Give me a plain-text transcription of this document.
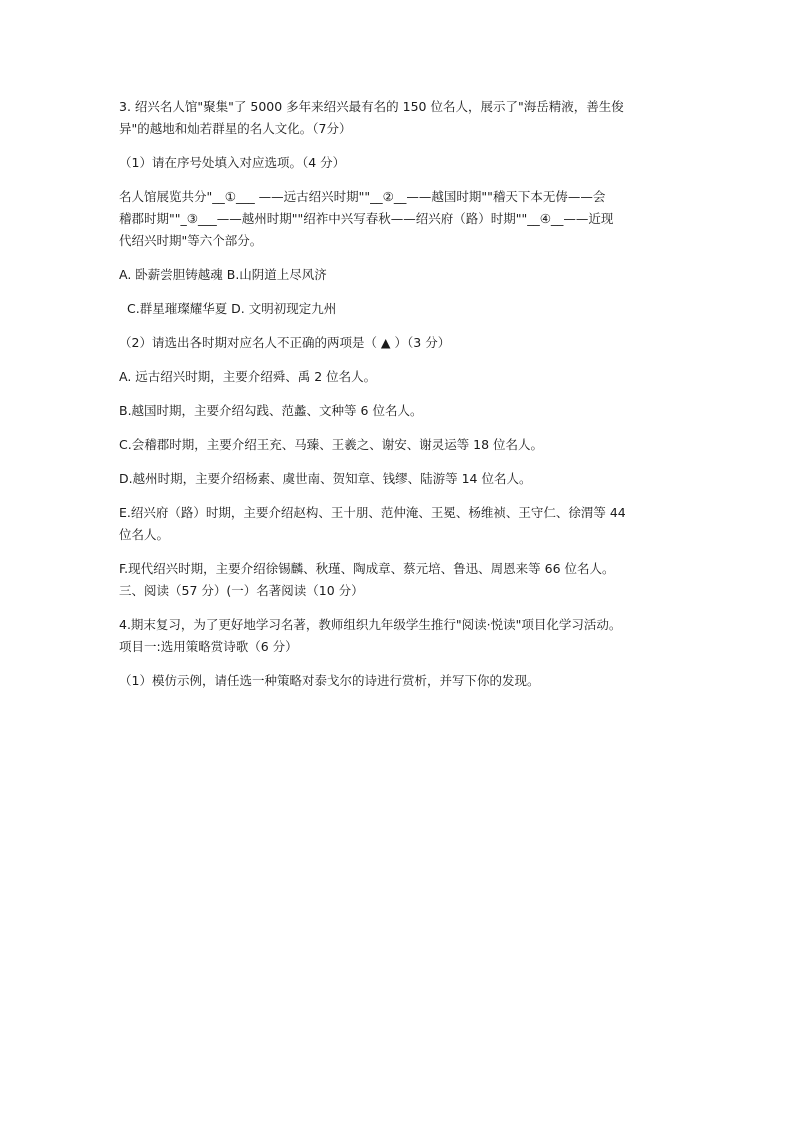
3. 绍兴名人馆"聚集"了 5000 多年来绍兴最有名的 150 位名人，展示了"海岳精液，善生俊

异"的越地和灿若群星的名人文化。（7分）

（1）请在序号处填入对应选项。（4 分）

名人馆展览共分"__①___ ——远古绍兴时期""__②__——越国时期""稽天下本无俦——会

稽郡时期""_③___——越州时期""绍祚中兴写春秋——绍兴府（路）时期""__④__——近现

代绍兴时期"等六个部分。

A. 卧薪尝胆铸越魂 B.山阴道上尽风济

C.群星璀璨耀华夏 D. 文明初现定九州

（2）请选出各时期对应名人不正确的两项是（ ▲ ）（3 分）

A. 远古绍兴时期，主要介绍舜、禹 2 位名人。

B.越国时期，主要介绍勾践、范蠡、文种等 6 位名人。

C.会稽郡时期，主要介绍王充、马臻、王羲之、谢安、谢灵运等 18 位名人。

D.越州时期，主要介绍杨素、虞世南、贺知章、钱缪、陆游等 14 位名人。

E.绍兴府（路）时期，主要介绍赵构、王十朋、范仲淹、王冕、杨维祯、王守仁、徐渭等 44

位名人。

F.现代绍兴时期，主要介绍徐锡麟、秋瑾、陶成章、蔡元培、鲁迅、周恩来等 66 位名人。

三、阅读（57 分）(一）名著阅读（10 分）

4.期末复习，为了更好地学习名著，教师组织九年级学生推行"阅读·悦读"项目化学习活动。

项目一:选用策略赏诗歌（6 分）

（1）模仿示例，请任选一种策略对泰戈尔的诗进行赏析，并写下你的发现。
